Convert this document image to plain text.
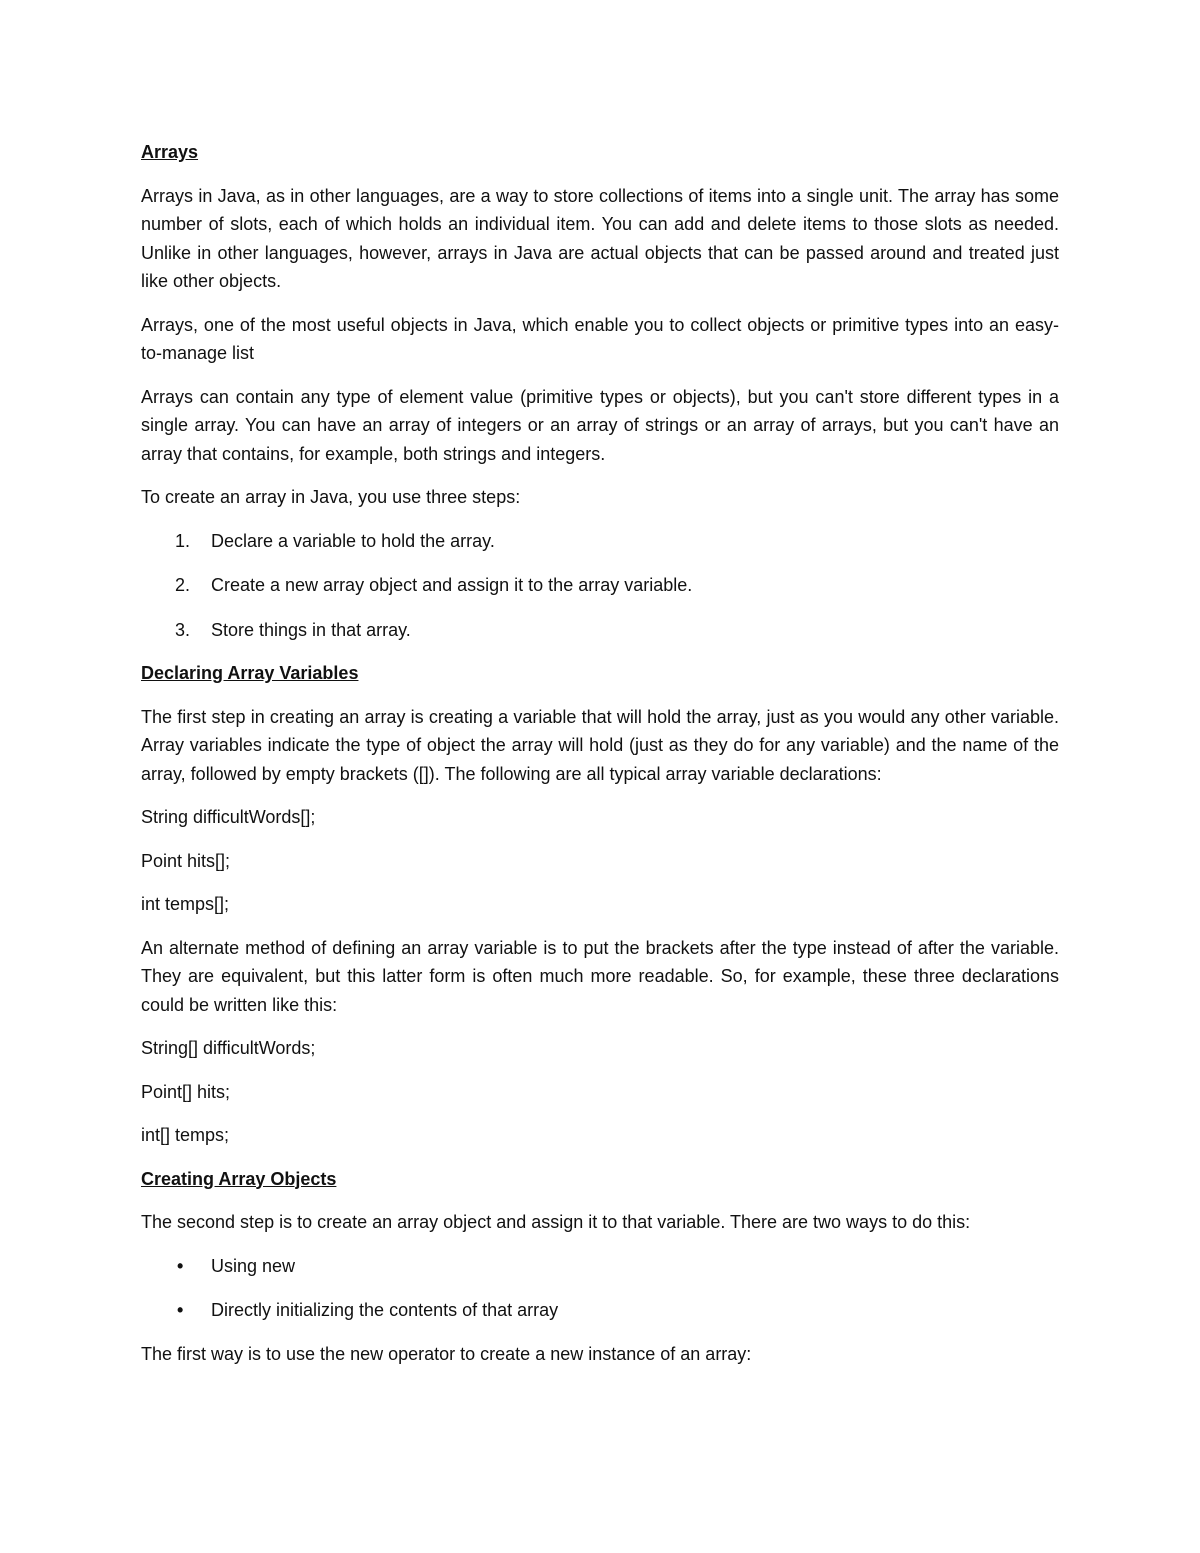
Arrays

Arrays in Java, as in other languages, are a way to store collections of items into a single unit. The array has some number of slots, each of which holds an individual item. You can add and delete items to those slots as needed. Unlike in other languages, however, arrays in Java are actual objects that can be passed around and treated just like other objects.

Arrays, one of the most useful objects in Java, which enable you to collect objects or primitive types into an easy-to-manage list

Arrays can contain any type of element value (primitive types or objects), but you can't store different types in a single array. You can have an array of integers or an array of strings or an array of arrays, but you can't have an array that contains, for example, both strings and integers.

To create an array in Java, you use three steps:

1.	Declare a variable to hold the array.
2.	Create a new array object and assign it to the array variable.
3.	Store things in that array.
Declaring Array Variables

The first step in creating an array is creating a variable that will hold the array, just as you would any other variable. Array variables indicate the type of object the array will hold (just as they do for any variable) and the name of the array, followed by empty brackets ([]). The following are all typical array variable declarations:

String difficultWords[];

Point hits[];

int temps[];

An alternate method of defining an array variable is to put the brackets after the type instead of after the variable. They are equivalent, but this latter form is often much more readable. So, for example, these three declarations could be written like this:

String[] difficultWords;

Point[] hits;

int[] temps;

Creating Array Objects

The second step is to create an array object and assign it to that variable. There are two ways to do this:

•	Using new
•	Directly initializing the contents of that array

The first way is to use the new operator to create a new instance of an array:
